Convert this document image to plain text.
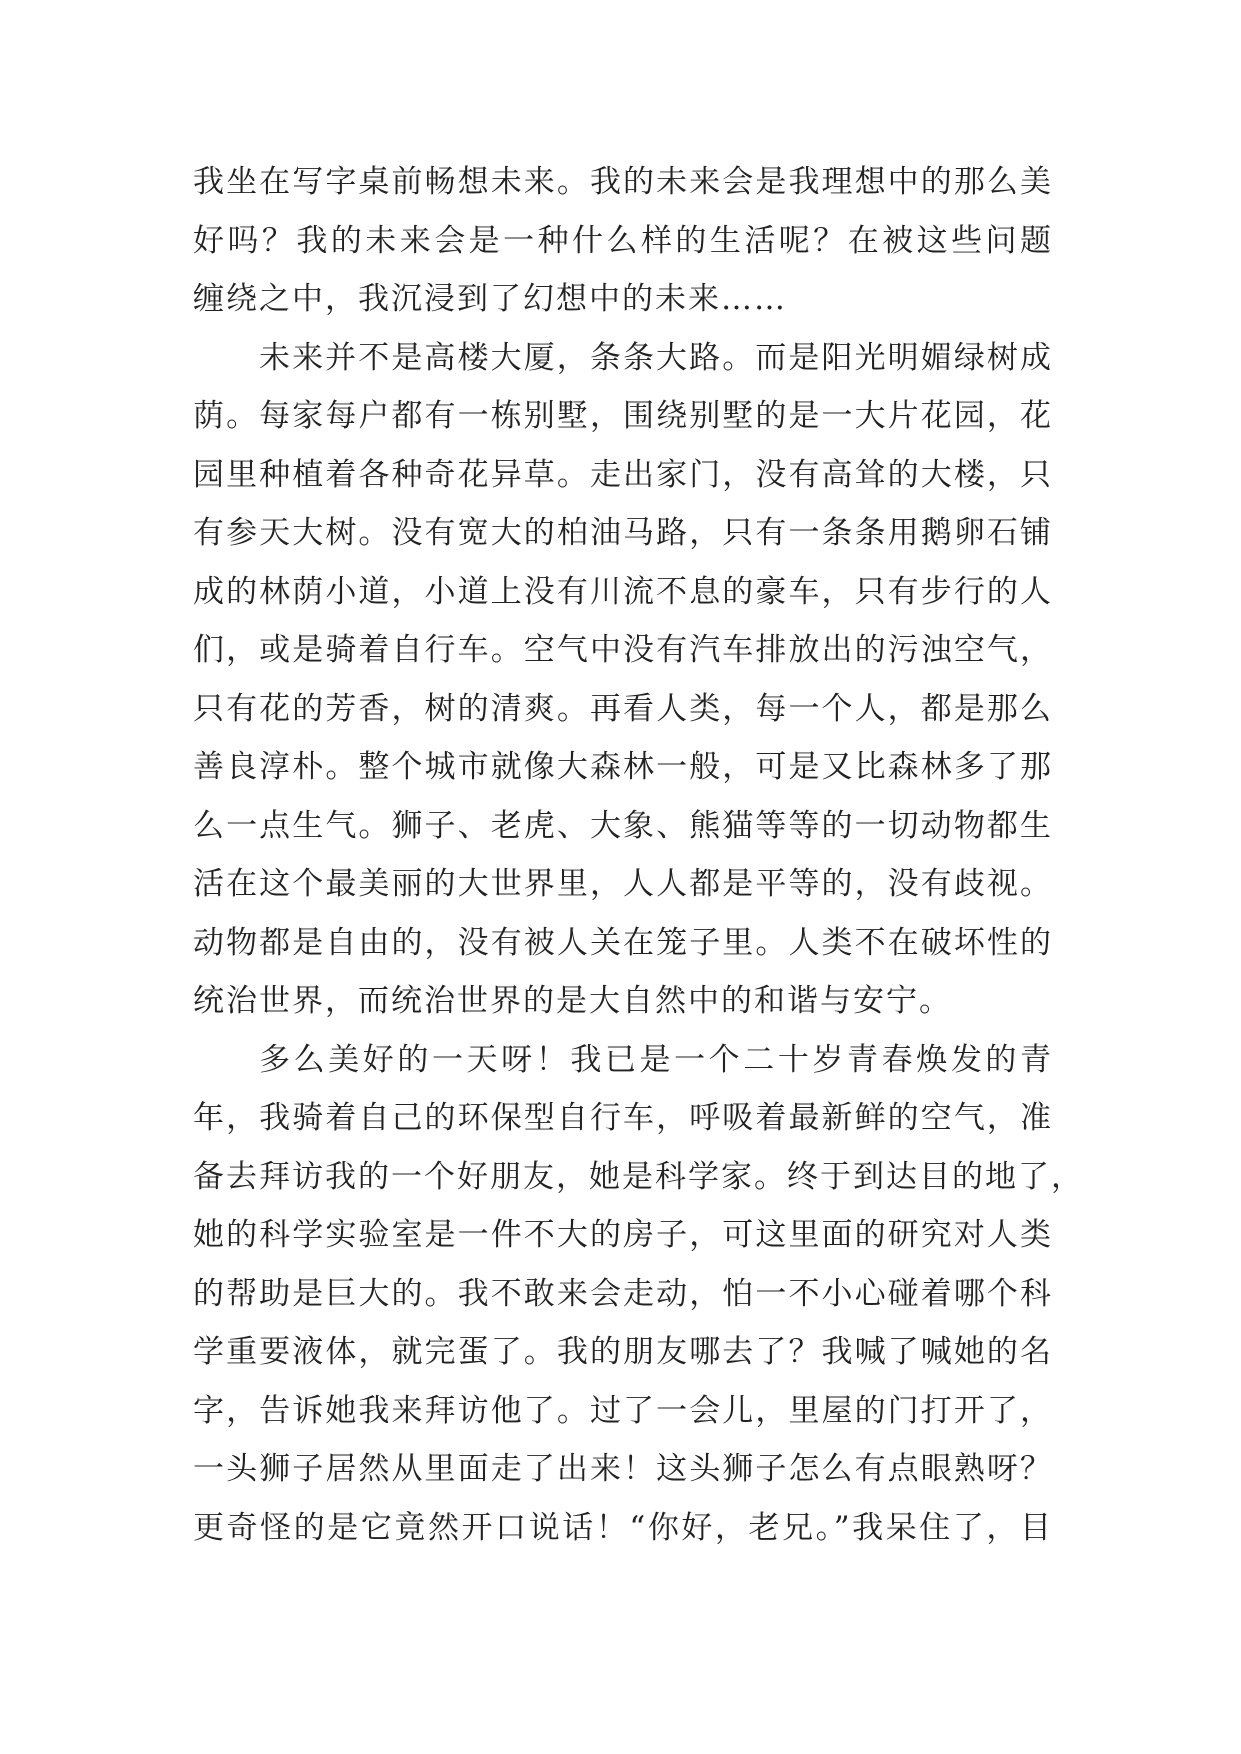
我坐在写字桌前畅想未来。我的未来会是我理想中的那么美
好吗？我的未来会是一种什么样的生活呢？在被这些问题
缠绕之中，我沉浸到了幻想中的未来……
未来并不是高楼大厦，条条大路。而是阳光明媚绿树成
荫。每家每户都有一栋别墅，围绕别墅的是一大片花园，花
园里种植着各种奇花异草。走出家门，没有高耸的大楼，只
有参天大树。没有宽大的柏油马路，只有一条条用鹅卵石铺
成的林荫小道，小道上没有川流不息的豪车，只有步行的人
们，或是骑着自行车。空气中没有汽车排放出的污浊空气，
只有花的芳香，树的清爽。再看人类，每一个人，都是那么
善良淳朴。整个城市就像大森林一般，可是又比森林多了那
么一点生气。狮子、老虎、大象、熊猫等等的一切动物都生
活在这个最美丽的大世界里，人人都是平等的，没有歧视。
动物都是自由的，没有被人关在笼子里。人类不在破坏性的
统治世界，而统治世界的是大自然中的和谐与安宁。
多么美好的一天呀！我已是一个二十岁青春焕发的青
年，我骑着自己的环保型自行车，呼吸着最新鲜的空气，准
备去拜访我的一个好朋友，她是科学家。终于到达目的地了，
她的科学实验室是一件不大的房子，可这里面的研究对人类
的帮助是巨大的。我不敢来会走动，怕一不小心碰着哪个科
学重要液体，就完蛋了。我的朋友哪去了？我喊了喊她的名
字，告诉她我来拜访他了。过了一会儿，里屋的门打开了，
一头狮子居然从里面走了出来！这头狮子怎么有点眼熟呀？
更奇怪的是它竟然开口说话！“你好，老兄。”我呆住了，目
